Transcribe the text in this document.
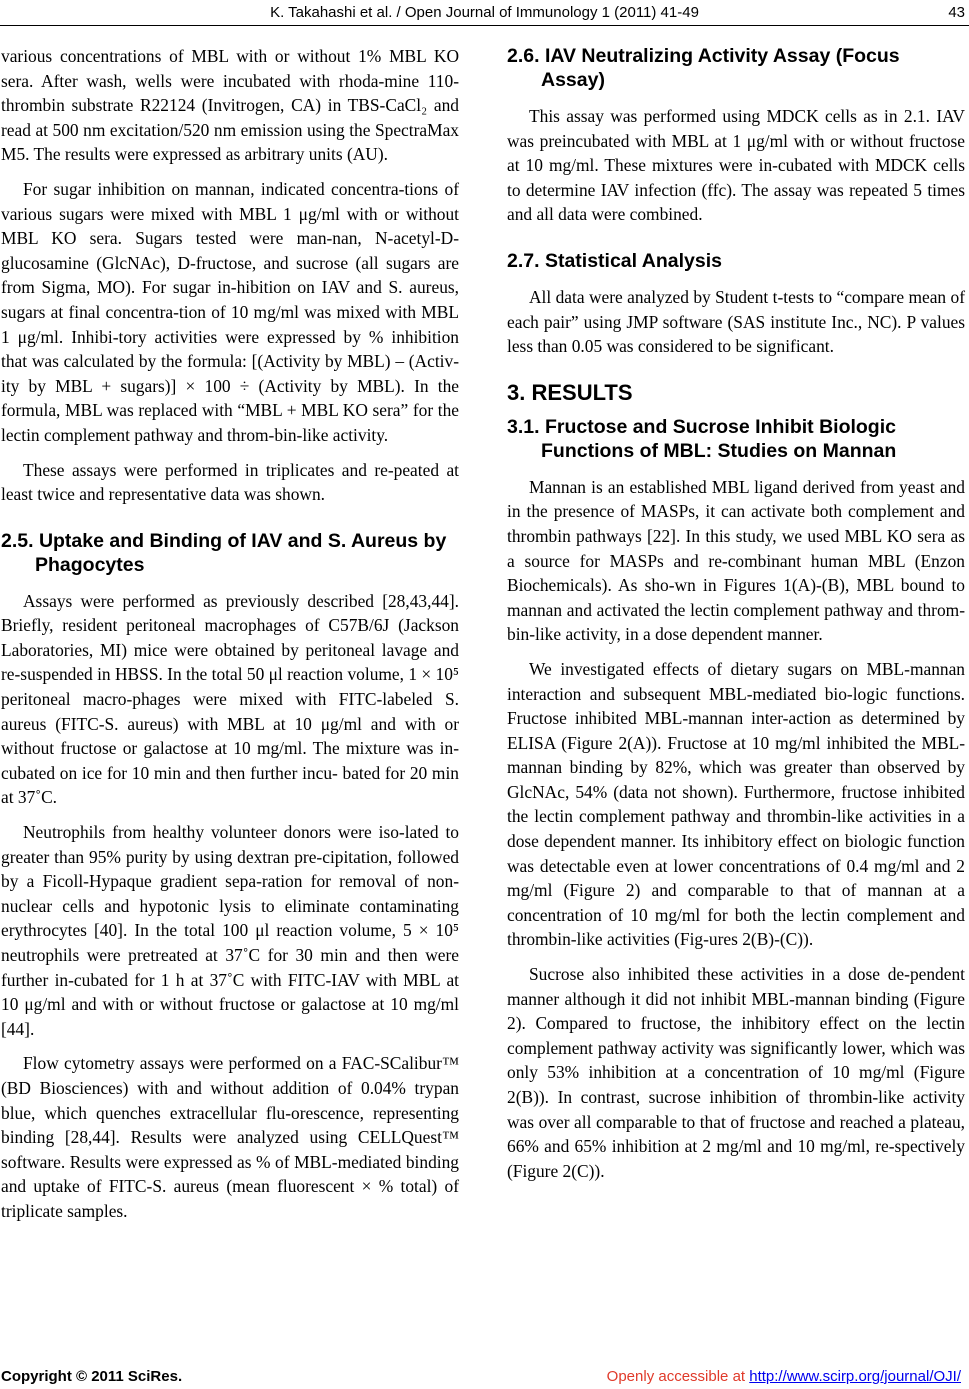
K. Takahashi et al. / Open Journal of Immunology 1 (2011) 41-49	43

various concentrations of MBL with or without 1% MBL KO sera. After wash, wells were incubated with rhoda-mine 110-thrombin substrate R22124 (Invitrogen, CA) in TBS-CaCl₂ and read at 500 nm excitation/520 nm emission using the SpectraMax M5. The results were expressed as arbitrary units (AU).

For sugar inhibition on mannan, indicated concentra-tions of various sugars were mixed with MBL 1 μg/ml with or without MBL KO sera. Sugars tested were man-nan, N-acetyl-D-glucosamine (GlcNAc), D-fructose, and sucrose (all sugars are from Sigma, MO). For sugar in-hibition on IAV and S. aureus, sugars at final concentra-tion of 10 mg/ml was mixed with MBL 1 μg/ml. Inhibi-tory activities were expressed by % inhibition that was calculated by the formula: [(Activity by MBL) – (Activ-ity by MBL + sugars)] × 100 ÷ (Activity by MBL). In the formula, MBL was replaced with “MBL + MBL KO sera” for the lectin complement pathway and throm-bin-like activity.

These assays were performed in triplicates and re-peated at least twice and representative data was shown.

2.5. Uptake and Binding of IAV and S. Aureus by Phagocytes

Assays were performed as previously described [28,43,44]. Briefly, resident peritoneal macrophages of C57B/6J (Jackson Laboratories, MI) mice were obtained by peritoneal lavage and re-suspended in HBSS. In the total 50 μl reaction volume, 1 × 10⁵ peritoneal macro-phages were mixed with FITC-labeled S. aureus (FITC-S. aureus) with MBL at 10 μg/ml and with or without fructose or galactose at 10 mg/ml. The mixture was in-cubated on ice for 10 min and then further incu- bated for 20 min at 37˚C.

Neutrophils from healthy volunteer donors were iso-lated to greater than 95% purity by using dextran pre-cipitation, followed by a Ficoll-Hypaque gradient sepa-ration for removal of non-nuclear cells and hypotonic lysis to eliminate contaminating erythrocytes [40]. In the total 100 μl reaction volume, 5 × 10⁵ neutrophils were pretreated at 37˚C for 30 min and then were further in-cubated for 1 h at 37˚C with FITC-IAV with MBL at 10 μg/ml and with or without fructose or galactose at 10 mg/ml [44].

Flow cytometry assays were performed on a FAC-SCalibur™ (BD Biosciences) with and without addition of 0.04% trypan blue, which quenches extracellular flu-orescence, representing binding [28,44]. Results were analyzed using CELLQuest™ software. Results were expressed as % of MBL-mediated binding and uptake of FITC-S. aureus (mean fluorescent × % total) of triplicate samples.

2.6. IAV Neutralizing Activity Assay (Focus Assay)

This assay was performed using MDCK cells as in 2.1. IAV was preincubated with MBL at 1 μg/ml with or without fructose at 10 mg/ml. These mixtures were in-cubated with MDCK cells to determine IAV infection (ffc). The assay was repeated 5 times and all data were combined.

2.7. Statistical Analysis

All data were analyzed by Student t-tests to “compare mean of each pair” using JMP software (SAS institute Inc., NC). P values less than 0.05 was considered to be significant.

3. RESULTS
3.1. Fructose and Sucrose Inhibit Biologic Functions of MBL: Studies on Mannan

Mannan is an established MBL ligand derived from yeast and in the presence of MASPs, it can activate both complement and thrombin pathways [22]. In this study, we used MBL KO sera as a source for MASPs and re-combinant human MBL (Enzon Biochemicals). As sho-wn in Figures 1(A)-(B), MBL bound to mannan and activated the lectin complement pathway and throm-bin-like activity, in a dose dependent manner.

We investigated effects of dietary sugars on MBL-mannan interaction and subsequent MBL-mediated bio-logic functions. Fructose inhibited MBL-mannan inter-action as determined by ELISA (Figure 2(A)). Fructose at 10 mg/ml inhibited the MBL-mannan binding by 82%, which was greater than observed by GlcNAc, 54% (data not shown). Furthermore, fructose inhibited the lectin complement pathway and thrombin-like activities in a dose dependent manner. Its inhibitory effect on biologic function was detectable even at lower concentrations of 0.4 mg/ml and 2 mg/ml (Figure 2) and comparable to that of mannan at a concentration of 10 mg/ml for both the lectin complement and thrombin-like activities (Fig-ures 2(B)-(C)).

Sucrose also inhibited these activities in a dose de-pendent manner although it did not inhibit MBL-mannan binding (Figure 2). Compared to fructose, the inhibitory effect on the lectin complement pathway activity was significantly lower, which was only 53% inhibition at a concentration of 10 mg/ml (Figure 2(B)). In contrast, sucrose inhibition of thrombin-like activity was over all comparable to that of fructose and reached a plateau, 66% and 65% inhibition at 2 mg/ml and 10 mg/ml, re-spectively (Figure 2(C)).

Copyright © 2011 SciRes.	Openly accessible at http://www.scirp.org/journal/OJI/
